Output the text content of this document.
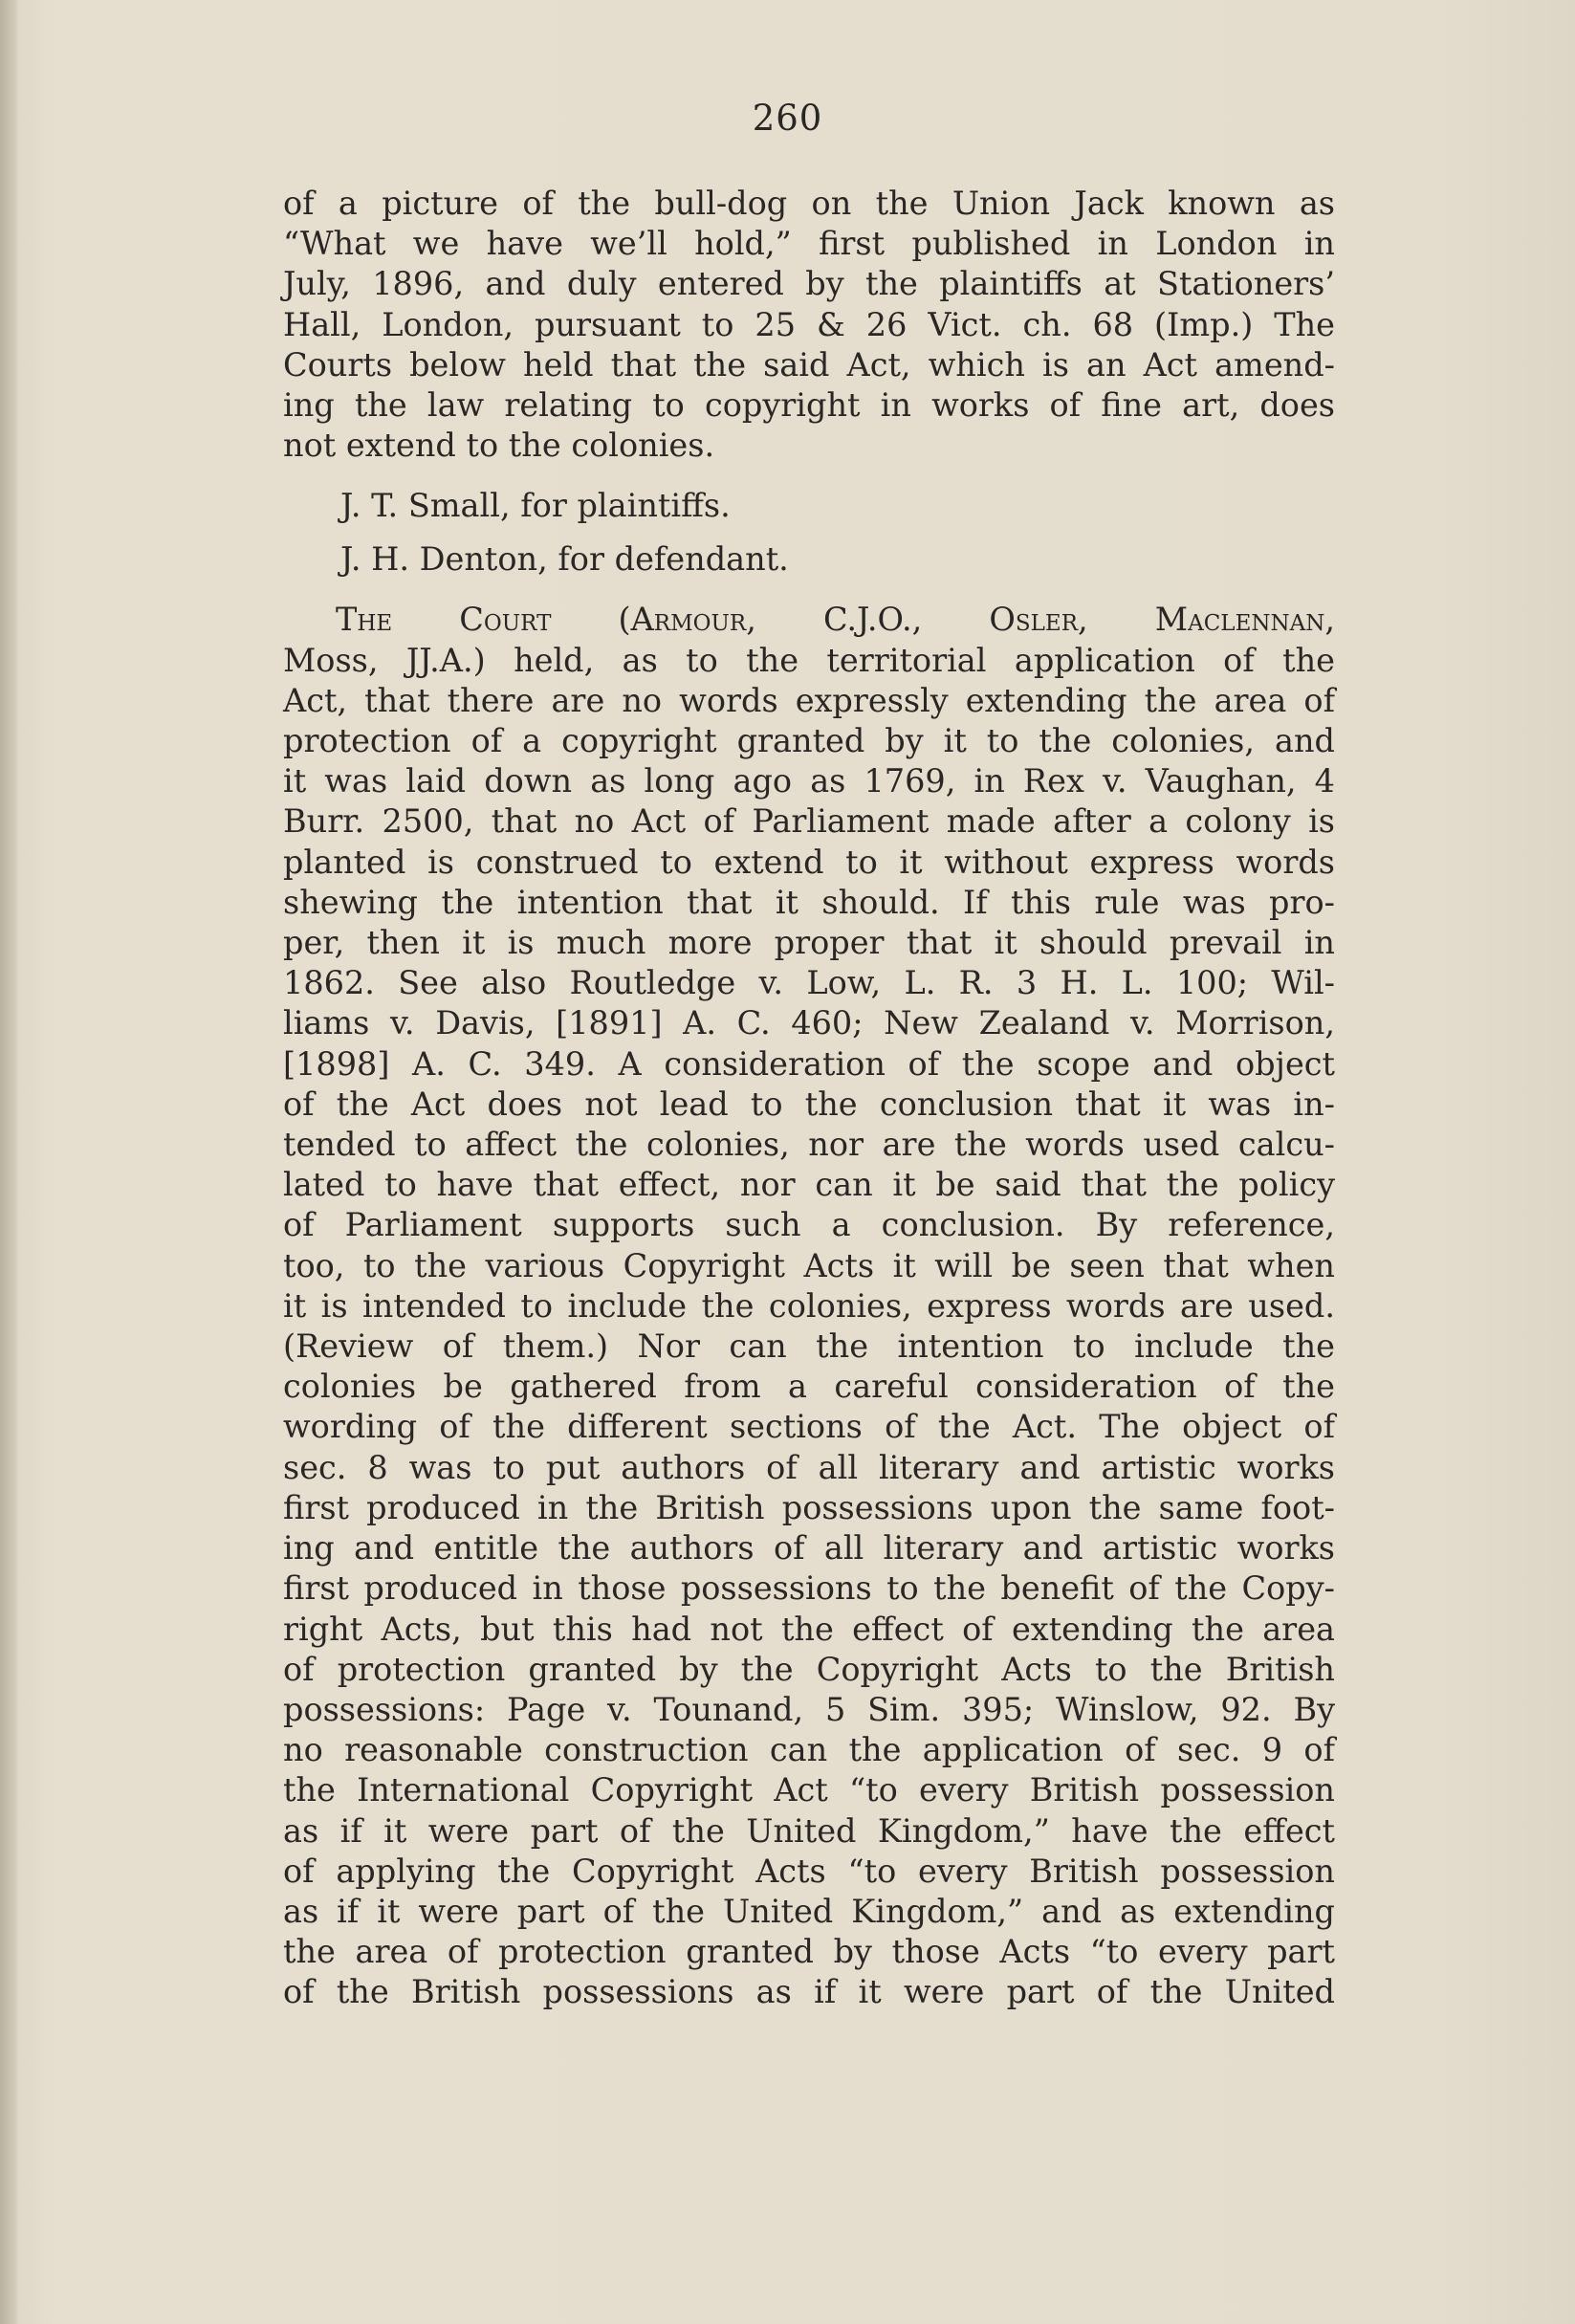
260
of a picture of the bull-dog on the Union Jack known as
“What we have we’ll hold,” first published in London in
July, 1896, and duly entered by the plaintiffs at Stationers’
Hall, London, pursuant to 25 & 26 Vict. ch. 68 (Imp.) The
Courts below held that the said Act, which is an Act amend-
ing the law relating to copyright in works of fine art, does
not extend to the colonies.
J. T. Small, for plaintiffs.
J. H. Denton, for defendant.
The Court (Armour, C.J.O., Osler, Maclennan,
Moss, JJ.A.) held, as to the territorial application of the
Act, that there are no words expressly extending the area of
protection of a copyright granted by it to the colonies, and
it was laid down as long ago as 1769, in Rex v. Vaughan, 4
Burr. 2500, that no Act of Parliament made after a colony is
planted is construed to extend to it without express words
shewing the intention that it should. If this rule was pro-
per, then it is much more proper that it should prevail in
1862. See also Routledge v. Low, L. R. 3 H. L. 100; Wil-
liams v. Davis, [1891] A. C. 460; New Zealand v. Morrison,
[1898] A. C. 349. A consideration of the scope and object
of the Act does not lead to the conclusion that it was in-
tended to affect the colonies, nor are the words used calcu-
lated to have that effect, nor can it be said that the policy
of Parliament supports such a conclusion. By reference,
too, to the various Copyright Acts it will be seen that when
it is intended to include the colonies, express words are used.
(Review of them.) Nor can the intention to include the
colonies be gathered from a careful consideration of the
wording of the different sections of the Act. The object of
sec. 8 was to put authors of all literary and artistic works
first produced in the British possessions upon the same foot-
ing and entitle the authors of all literary and artistic works
first produced in those possessions to the benefit of the Copy-
right Acts, but this had not the effect of extending the area
of protection granted by the Copyright Acts to the British
possessions: Page v. Tounand, 5 Sim. 395; Winslow, 92. By
no reasonable construction can the application of sec. 9 of
the International Copyright Act “to every British possession
as if it were part of the United Kingdom,” have the effect
of applying the Copyright Acts “to every British possession
as if it were part of the United Kingdom,” and as extending
the area of protection granted by those Acts “to every part
of the British possessions as if it were part of the United
